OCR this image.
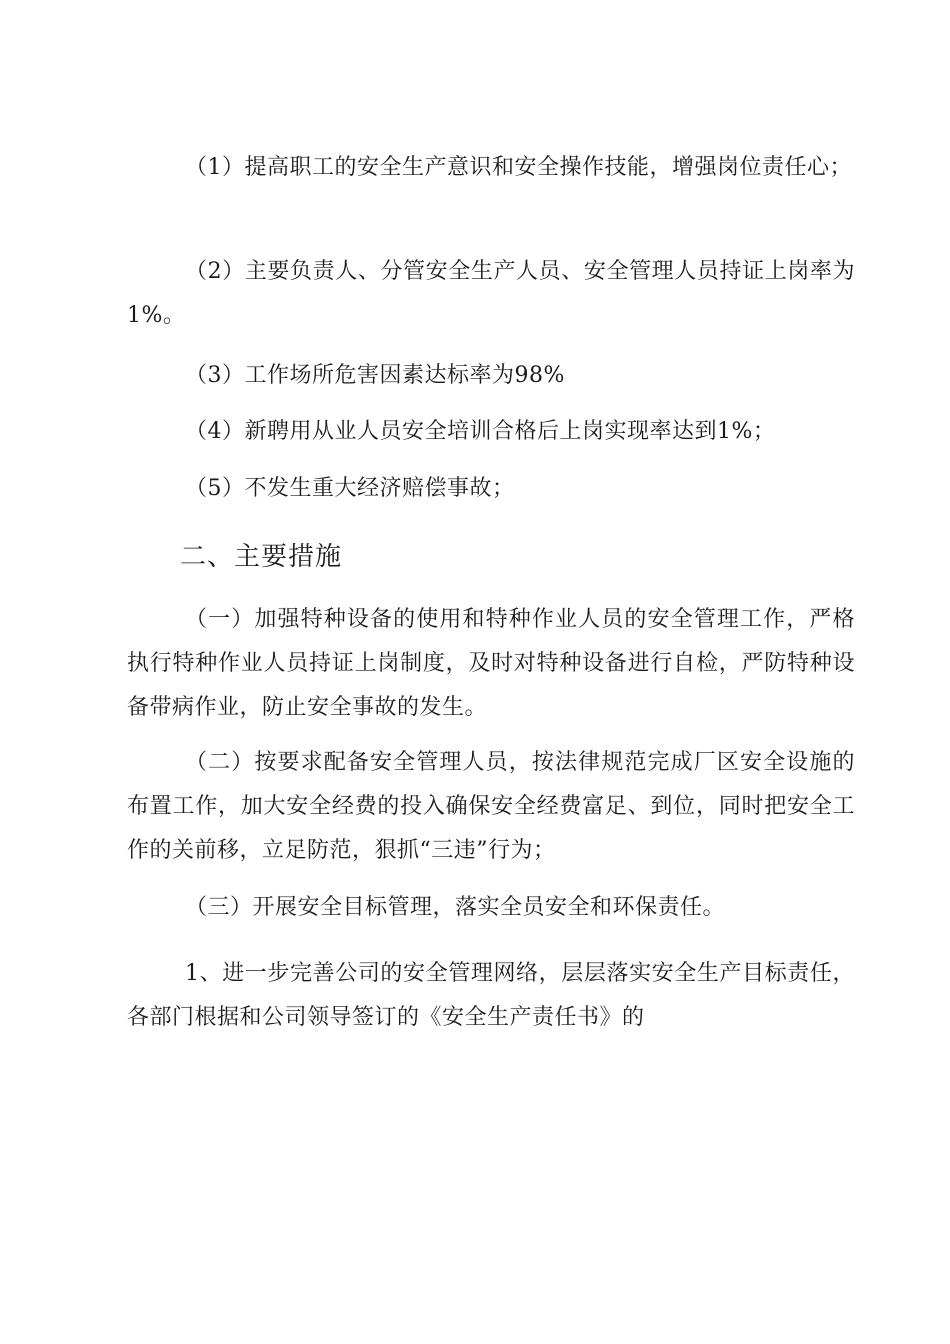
（1）提高职工的安全生产意识和安全操作技能，增强岗位责任心；

（2）主要负责人、分管安全生产人员、安全管理人员持证上岗率为1%。

（3）工作场所危害因素达标率为98%

（4）新聘用从业人员安全培训合格后上岗实现率达到1%；

（5）不发生重大经济赔偿事故；

二、主要措施

（一）加强特种设备的使用和特种作业人员的安全管理工作，严格执行特种作业人员持证上岗制度，及时对特种设备进行自检，严防特种设备带病作业，防止安全事故的发生。

（二）按要求配备安全管理人员，按法律规范完成厂区安全设施的布置工作，加大安全经费的投入确保安全经费富足、到位，同时把安全工作的关前移，立足防范，狠抓“三违”行为；

（三）开展安全目标管理，落实全员安全和环保责任。

1、进一步完善公司的安全管理网络，层层落实安全生产目标责任，各部门根据和公司领导签订的《安全生产责任书》的
